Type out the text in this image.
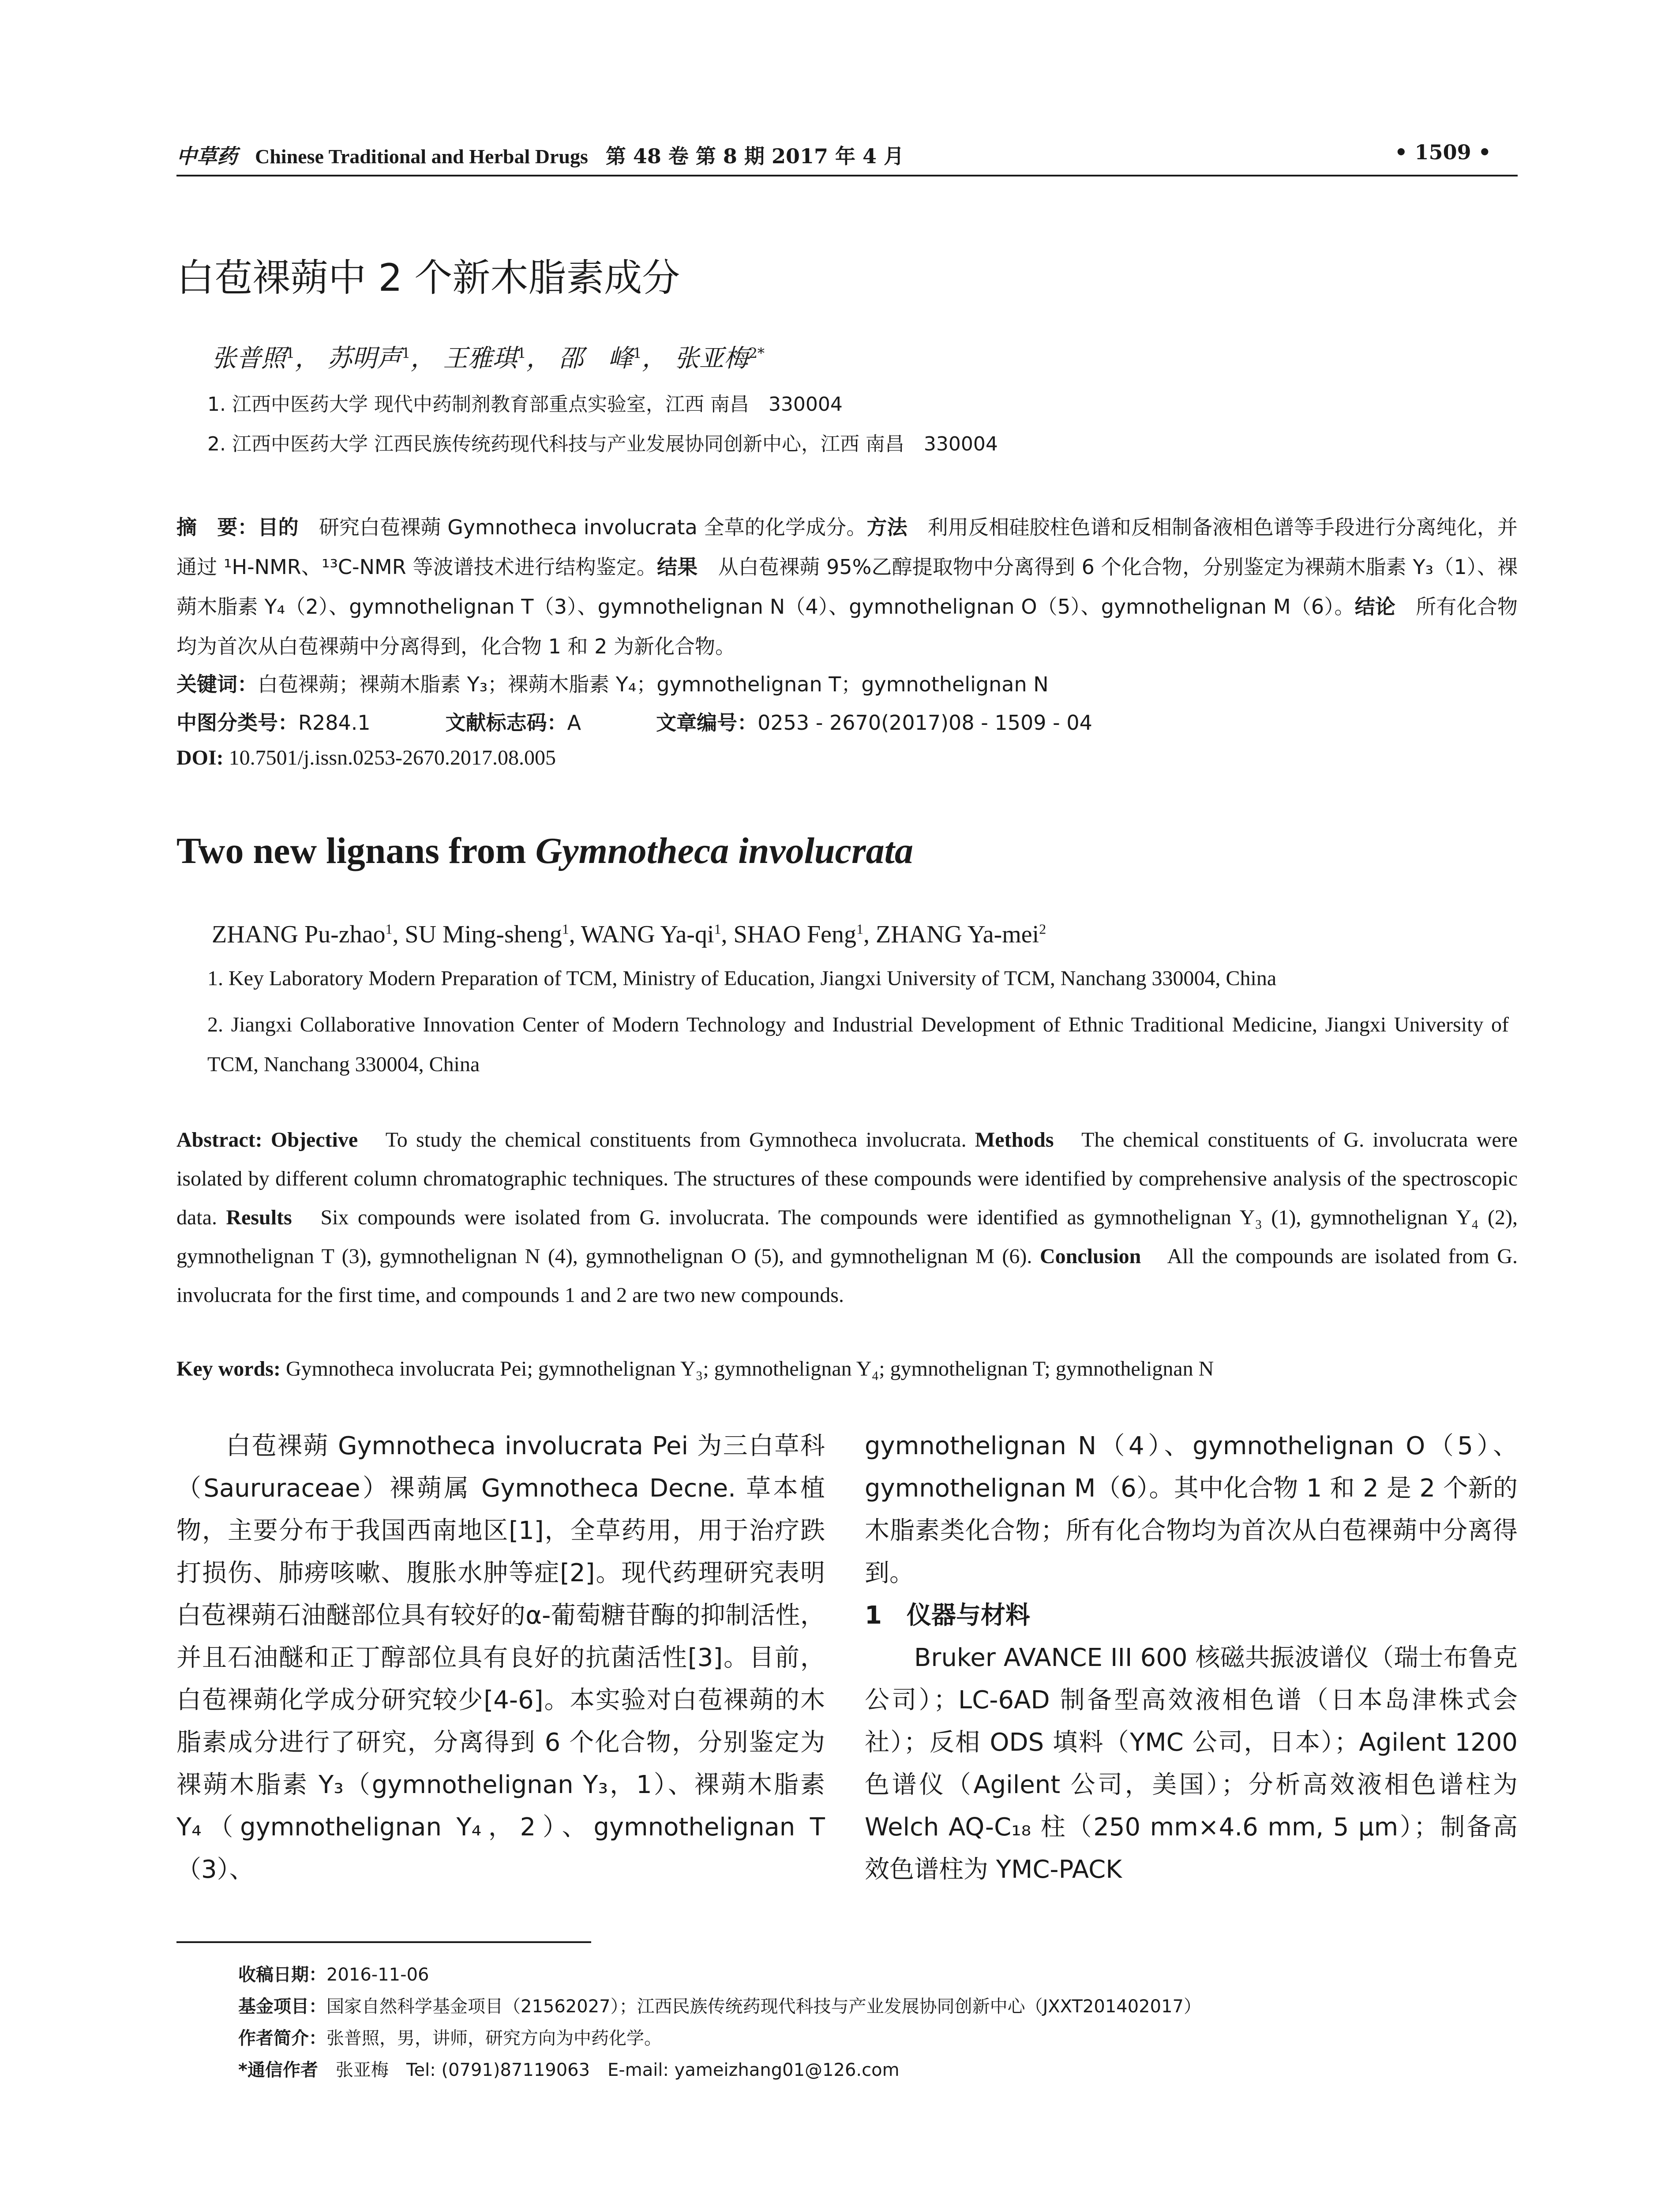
中草药 Chinese Traditional and Herbal Drugs 第 48 卷 第 8 期 2017 年 4 月	• 1509 •
白苞裸蒴中 2 个新木脂素成分
张普照$^1$， 苏明声$^1$， 王雅琪$^1$， 邵　峰$^1$， 张亚梅$^{2*}$
1. 江西中医药大学 现代中药制剂教育部重点实验室，江西 南昌　330004
2. 江西中医药大学 江西民族传统药现代科技与产业发展协同创新中心，江西 南昌　330004
摘　要：目的　研究白苞裸蒴 Gymnotheca involucrata 全草的化学成分。方法　利用反相硅胶柱色谱和反相制备液相色谱等手段进行分离纯化，并通过 ¹H-NMR、¹³C-NMR 等波谱技术进行结构鉴定。结果　从白苞裸蒴 95%乙醇提取物中分离得到 6 个化合物，分别鉴定为裸蒴木脂素 Y₃（1）、裸蒴木脂素 Y₄（2）、gymnothelignan T（3）、gymnothelignan N（4）、gymnothelignan O（5）、gymnothelignan M（6）。结论　所有化合物均为首次从白苞裸蒴中分离得到，化合物 1 和 2 为新化合物。
关键词：白苞裸蒴；裸蒴木脂素 Y₃；裸蒴木脂素 Y₄；gymnothelignan T；gymnothelignan N
中图分类号：R284.1	文献标志码：A	文章编号：0253 - 2670(2017)08 - 1509 - 04
DOI: 10.7501/j.issn.0253-2670.2017.08.005
Two new lignans from Gymnotheca involucrata
ZHANG Pu-zhao$^1$, SU Ming-sheng$^1$, WANG $Ya-qi^1$, SHAO Feng$^1$, ZHANG Ya-mei$^2$
1. Key Laboratory Modern Preparation of TCM, Ministry of Education, Jiangxi University of TCM, Nanchang 330004, China
2. Jiangxi Collaborative Innovation Center of Modern Technology and Industrial Development of Ethnic Traditional Medicine, Jiangxi University of TCM, Nanchang 330004, China
Abstract: Objective　To study the chemical constituents from Gymnotheca involucrata. Methods　The chemical constituents of G. involucrata were isolated by different column chromatographic techniques. The structures of these compounds were identified by comprehensive analysis of the spectroscopic data. Results　Six compounds were isolated from G. involucrata. The compounds were identified as gymnothelignan Y₃ (1), gymnothelignan Y₄ (2), gymnothelignan T (3), gymnothelignan N (4), gymnothelignan O (5), and gymnothelignan M (6). Conclusion　All the compounds are isolated from G. involucrata for the first time, and compounds 1 and 2 are two new compounds.
Key words: Gymnotheca involucrata Pei; gymnothelignan Y₃; gymnothelignan Y₄; gymnothelignan T; gymnothelignan N

白苞裸蒴 Gymnotheca involucrata Pei 为三白草科（Saururaceae）裸蒴属 Gymnotheca Decne. 草本植物，主要分布于我国西南地区[1]，全草药用，用于治疗跌打损伤、肺痨咳嗽、腹胀水肿等症[2]。现代药理研究表明白苞裸蒴石油醚部位具有较好的α-葡萄糖苷酶的抑制活性，并且石油醚和正丁醇部位具有良好的抗菌活性[3]。目前，白苞裸蒴化学成分研究较少[4-6]。本实验对白苞裸蒴的木脂素成分进行了研究，分离得到 6 个化合物，分别鉴定为裸蒴木脂素 Y₃（gymnothelignan Y₃，1）、裸蒴木脂素 Y₄（gymnothelignan Y₄，2）、gymnothelignan T（3）、

gymnothelignan N（4）、gymnothelignan O（5）、gymnothelignan M（6）。其中化合物 1 和 2 是 2 个新的木脂素类化合物；所有化合物均为首次从白苞裸蒴中分离得到。

1　仪器与材料

Bruker AVANCE III 600 核磁共振波谱仪（瑞士布鲁克公司）；LC-6AD 制备型高效液相色谱（日本岛津株式会社）；反相 ODS 填料（YMC 公司，日本）；Agilent 1200 色谱仪（Agilent 公司，美国）；分析高效液相色谱柱为 Welch AQ-C₁₈ 柱（250 mm×4.6 mm, 5 μm）；制备高效色谱柱为 YMC-PACK

收稿日期：2016-11-06
基金项目：国家自然科学基金项目（21562027）；江西民族传统药现代科技与产业发展协同创新中心（JXXT201402017）
作者简介：张普照，男，讲师，研究方向为中药化学。
*通信作者　张亚梅　Tel: (0791)87119063　E-mail: yameizhang01@126.com
